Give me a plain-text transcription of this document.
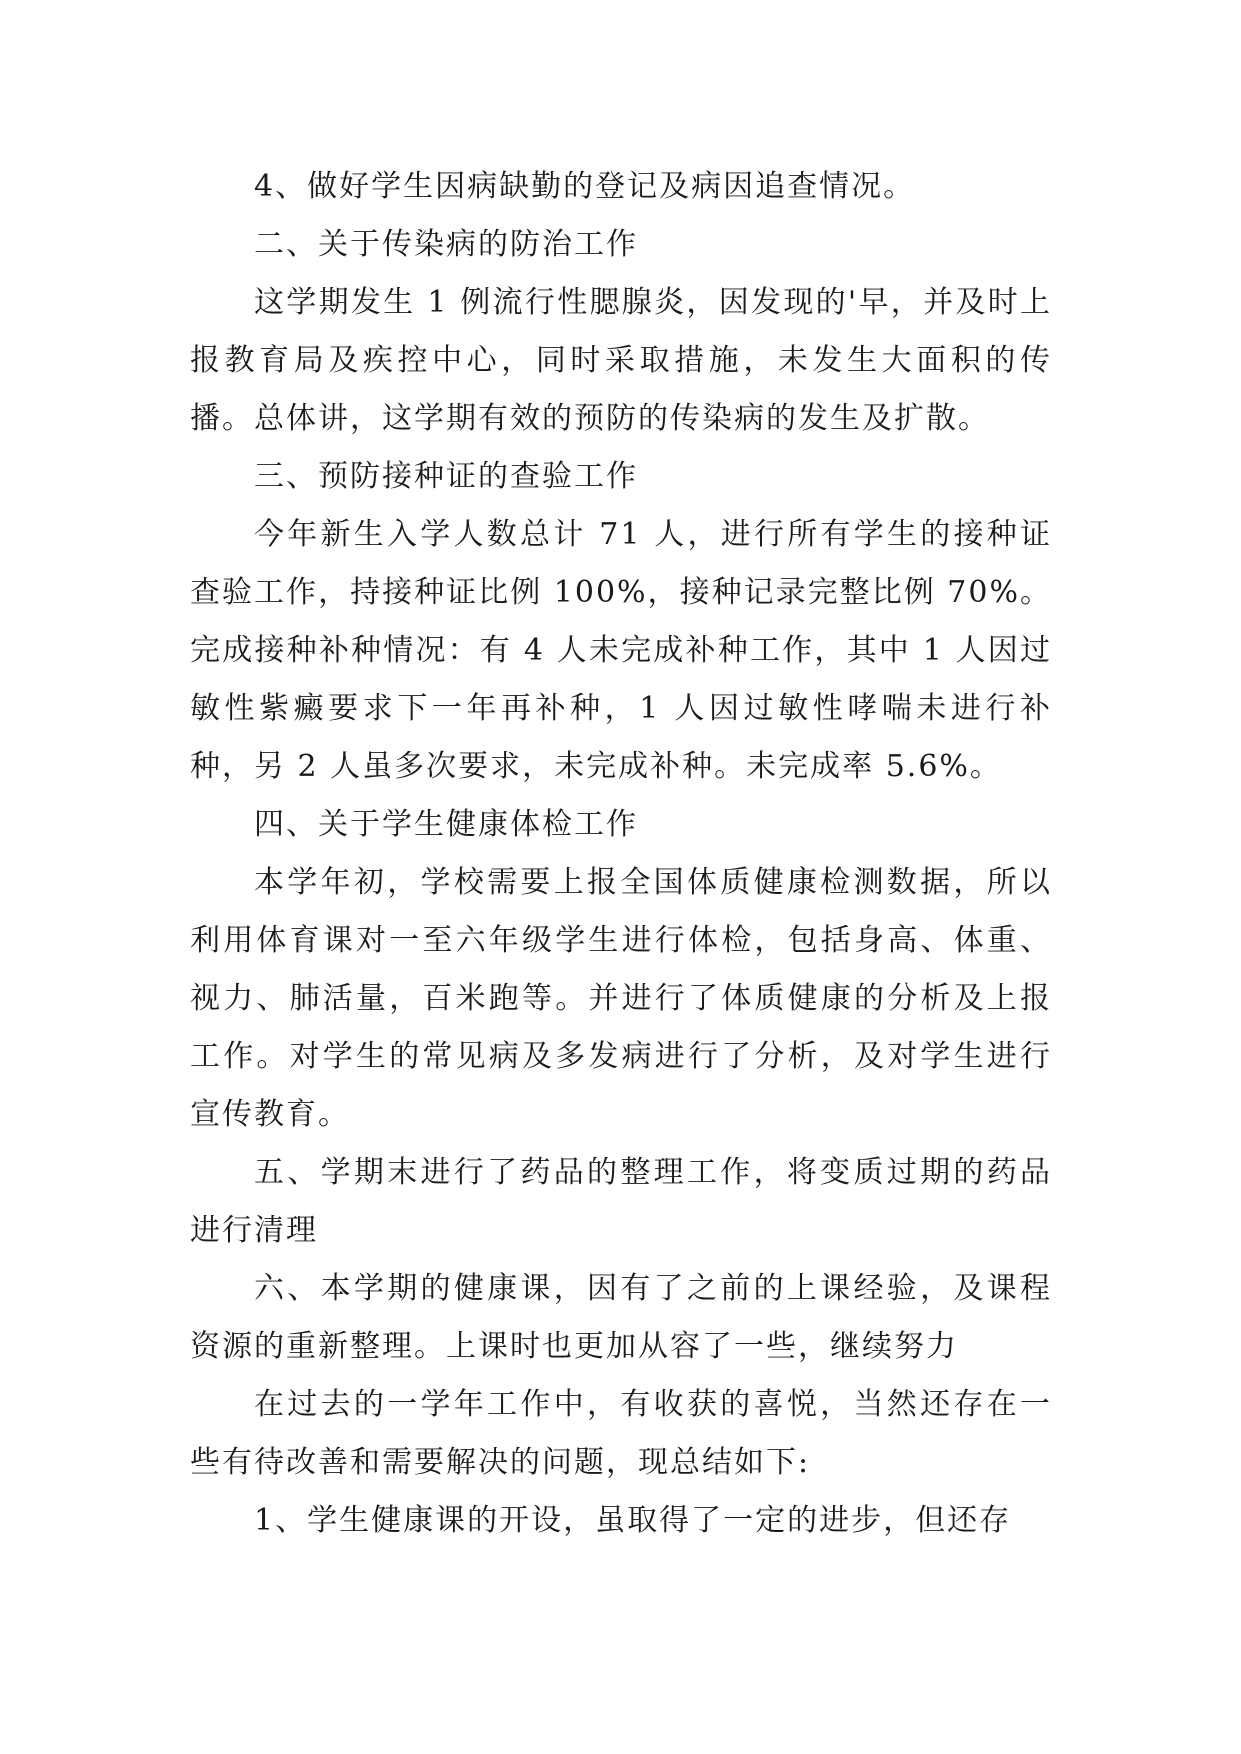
4、做好学生因病缺勤的登记及病因追查情况。

二、关于传染病的防治工作

这学期发生 1 例流行性腮腺炎，因发现的'早，并及时上报教育局及疾控中心，同时采取措施，未发生大面积的传播。总体讲，这学期有效的预防的传染病的发生及扩散。

三、预防接种证的查验工作

今年新生入学人数总计 71 人，进行所有学生的接种证查验工作，持接种证比例 100%，接种记录完整比例 70%。完成接种补种情况：有 4 人未完成补种工作，其中 1 人因过敏性紫癜要求下一年再补种，1 人因过敏性哮喘未进行补种，另 2 人虽多次要求，未完成补种。未完成率 5.6%。

四、关于学生健康体检工作

本学年初，学校需要上报全国体质健康检测数据，所以利用体育课对一至六年级学生进行体检，包括身高、体重、视力、肺活量，百米跑等。并进行了体质健康的分析及上报工作。对学生的常见病及多发病进行了分析，及对学生进行宣传教育。

五、学期末进行了药品的整理工作，将变质过期的药品进行清理

六、本学期的健康课，因有了之前的上课经验，及课程资源的重新整理。上课时也更加从容了一些，继续努力

在过去的一学年工作中，有收获的喜悦，当然还存在一些有待改善和需要解决的问题，现总结如下:

1、学生健康课的开设，虽取得了一定的进步，但还存
